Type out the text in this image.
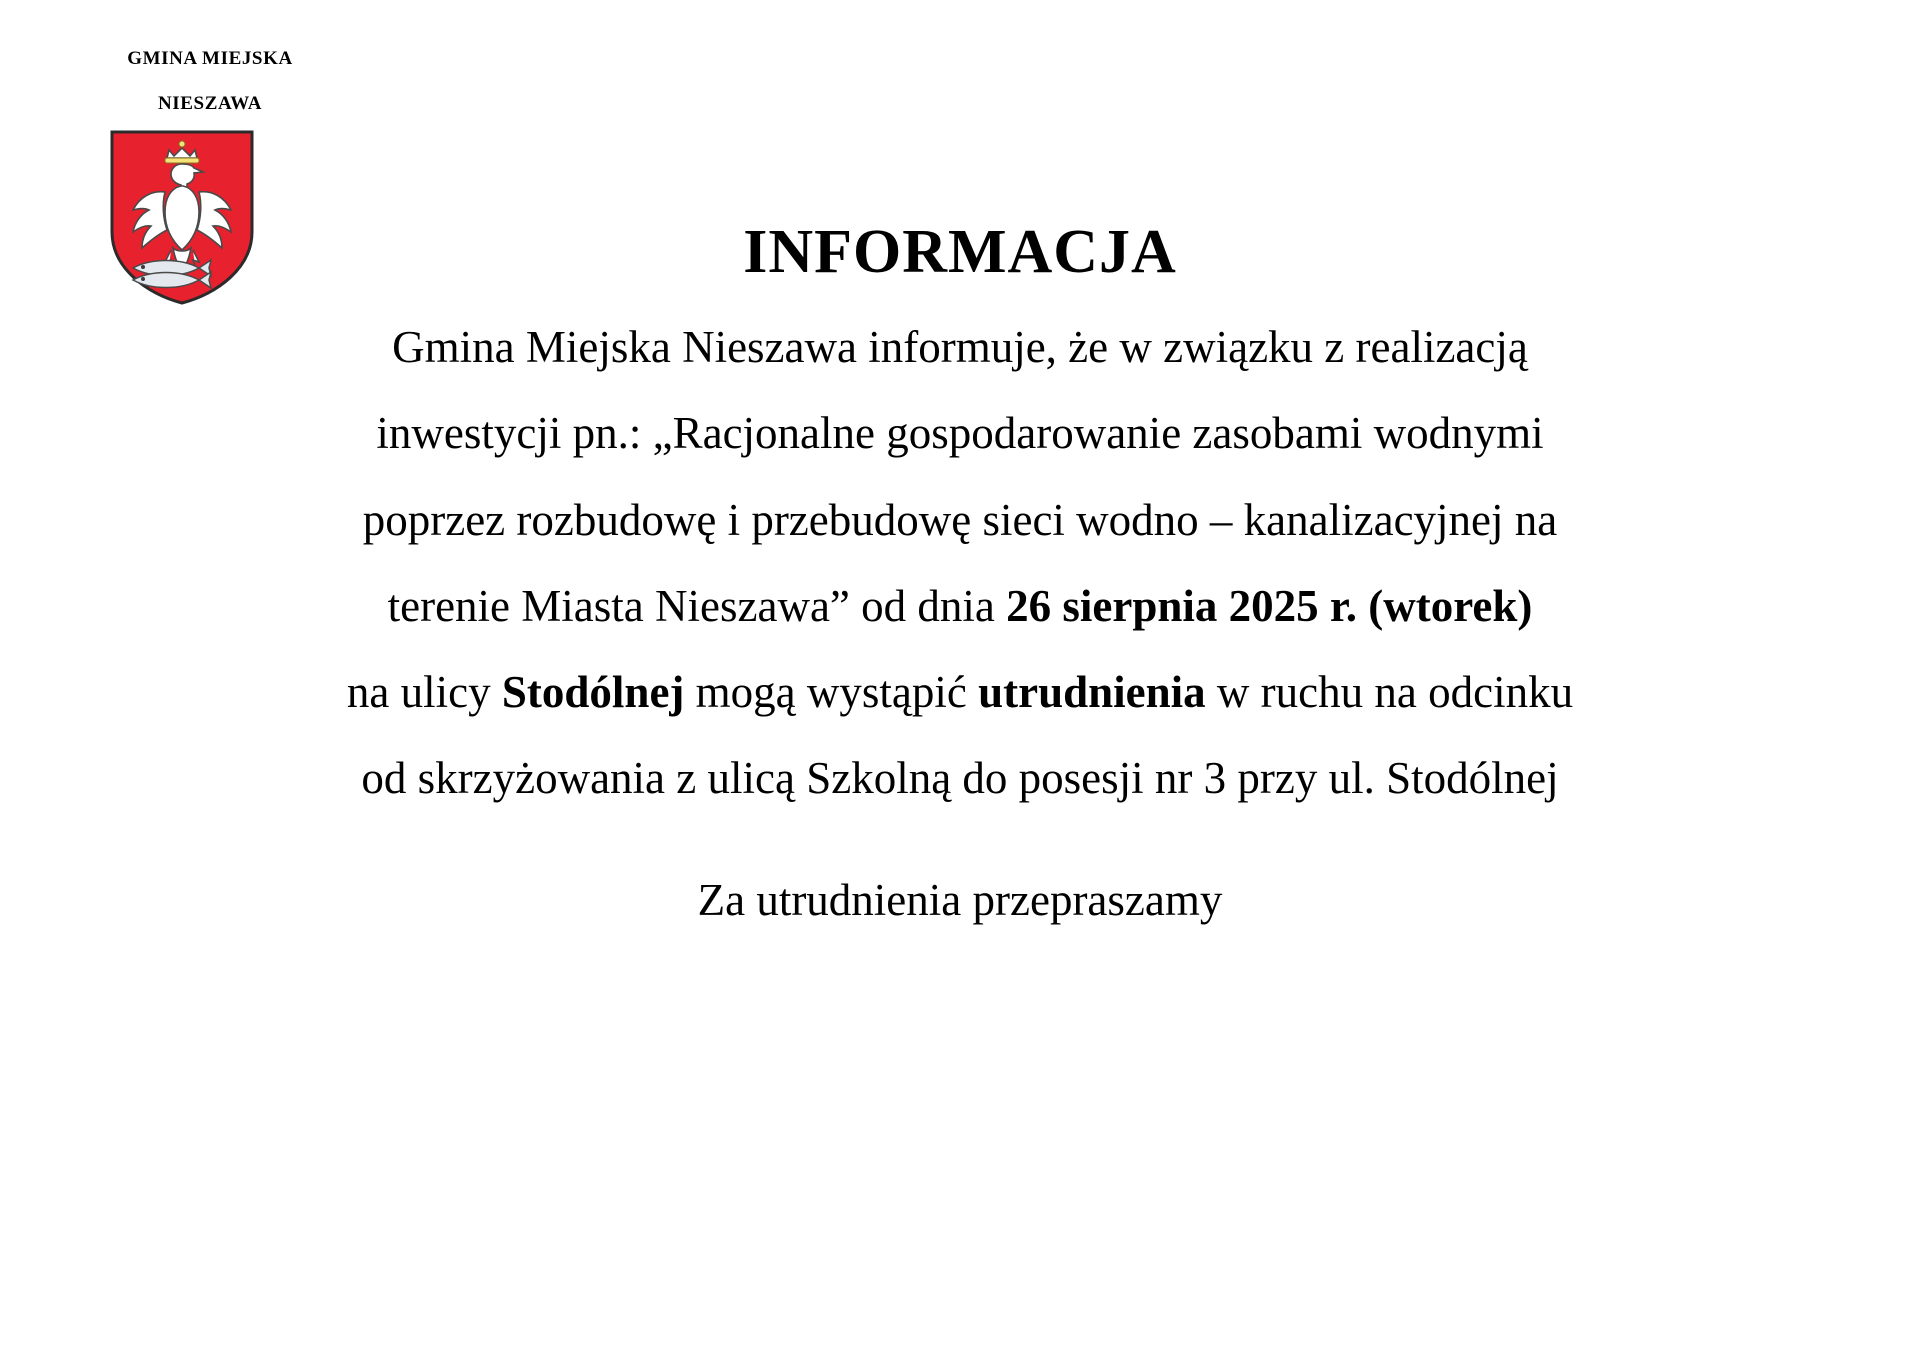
GMINA MIEJSKA
NIESZAWA
INFORMACJA

Gmina Miejska Nieszawa informuje, że w związku z realizacją

inwestycji pn.: „Racjonalne gospodarowanie zasobami wodnymi

poprzez rozbudowę i przebudowę sieci wodno – kanalizacyjnej na

terenie Miasta Nieszawa” od dnia 26 sierpnia 2025 r. (wtorek)

na ulicy Stodólnej mogą wystąpić utrudnienia w ruchu na odcinku

od skrzyżowania z ulicą Szkolną do posesji nr 3 przy ul. Stodólnej

Za utrudnienia przepraszamy
